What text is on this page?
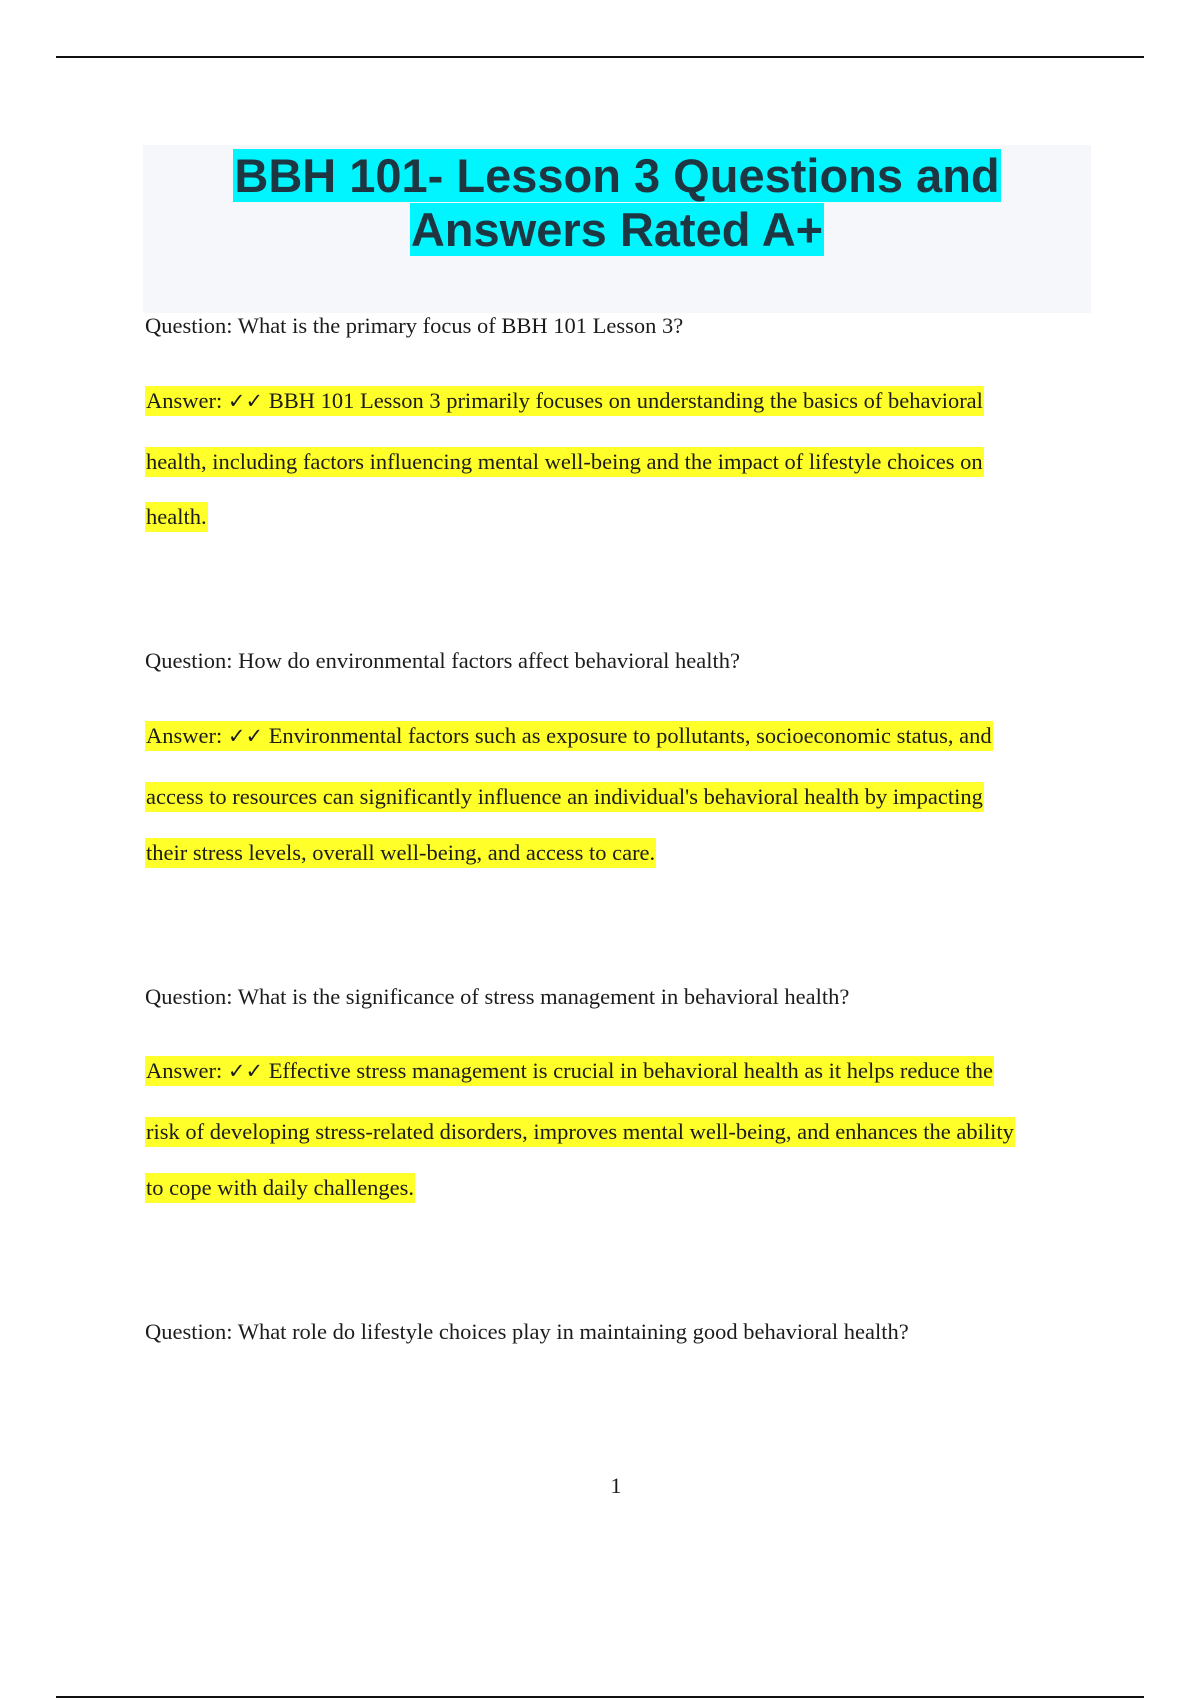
BBH 101- Lesson 3 Questions and
Answers Rated A+
Question: What is the primary focus of BBH 101 Lesson 3?
Answer: ✓✓ BBH 101 Lesson 3 primarily focuses on understanding the basics of behavioral
health, including factors influencing mental well-being and the impact of lifestyle choices on
health.
Question: How do environmental factors affect behavioral health?
Answer: ✓✓ Environmental factors such as exposure to pollutants, socioeconomic status, and
access to resources can significantly influence an individual's behavioral health by impacting
their stress levels, overall well-being, and access to care.
Question: What is the significance of stress management in behavioral health?
Answer: ✓✓ Effective stress management is crucial in behavioral health as it helps reduce the
risk of developing stress-related disorders, improves mental well-being, and enhances the ability
to cope with daily challenges.
Question: What role do lifestyle choices play in maintaining good behavioral health?
1
